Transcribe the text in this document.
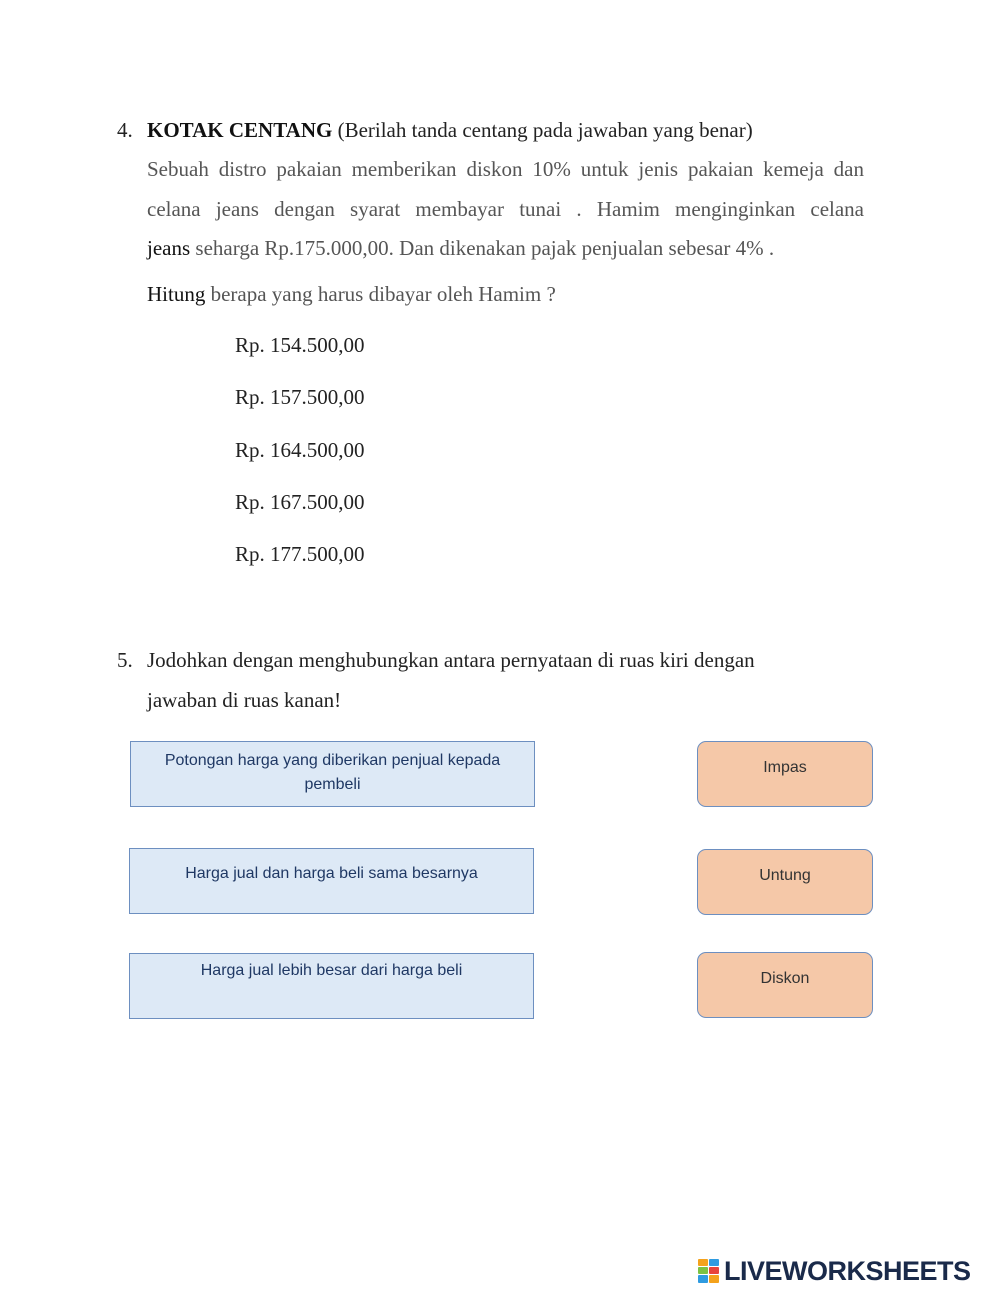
4. KOTAK CENTANG (Berilah tanda centang pada jawaban yang benar)
Sebuah distro pakaian memberikan diskon 10% untuk jenis pakaian kemeja dan
celana jeans dengan syarat membayar tunai . Hamim menginginkan celana
jeans seharga Rp.175.000,00. Dan dikenakan pajak penjualan sebesar 4% .
Hitung berapa yang harus dibayar oleh Hamim ?
Rp. 154.500,00
Rp. 157.500,00
Rp. 164.500,00
Rp. 167.500,00
Rp. 177.500,00
5. Jodohkan dengan menghubungkan antara pernyataan di ruas kiri dengan
jawaban di ruas kanan!
Potongan harga yang diberikan penjual kepada pembeli
Harga jual dan harga beli sama besarnya
Harga jual lebih besar dari harga beli
Impas
Untung
Diskon
LIVEWORKSHEETS
